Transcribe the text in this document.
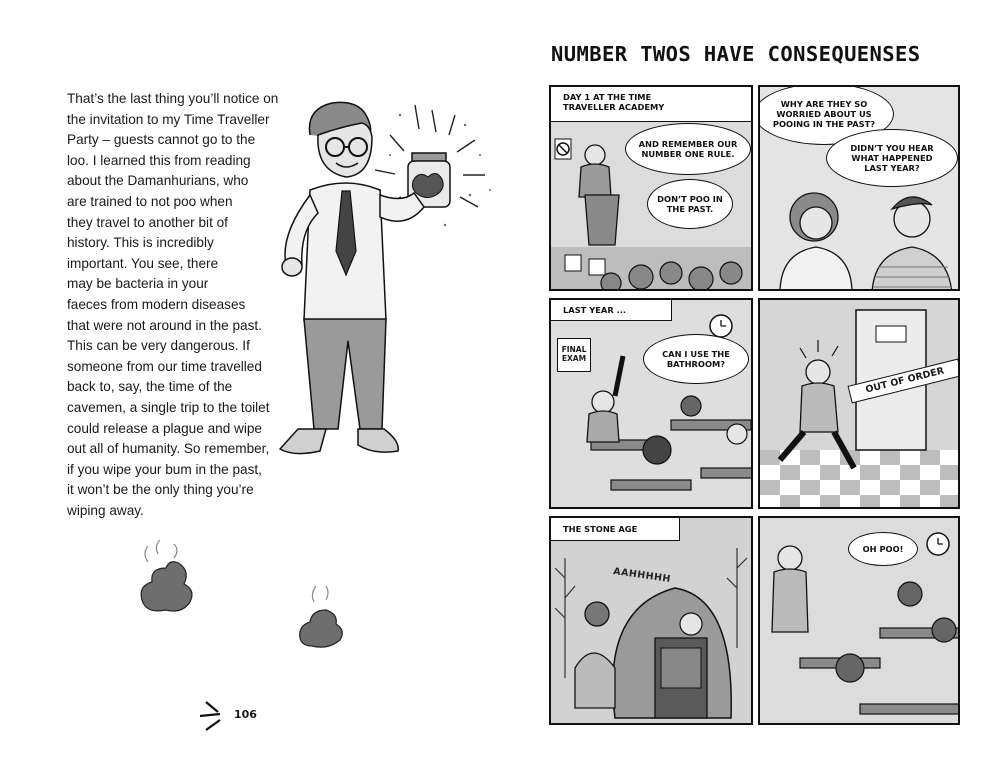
That’s the last thing you’ll notice on
the invitation to my Time Traveller
Party – guests cannot go to the
loo. I learned this from reading
about the Damanhurians, who
are trained to not poo when
they travel to another bit of
history. This is incredibly
important. You see, there
may be bacteria in your
faeces from modern diseases
that were not around in the past.
This can be very dangerous. If
someone from our time travelled
back to, say, the time of the
cavemen, a single trip to the toilet
could release a plague and wipe
out all of humanity. So remember,
if you wipe your bum in the past,
it won’t be the only thing you’re
wiping away.
106
NUMBER TWOS HAVE CONSEQUENSES
DAY 1 AT THE TIME
TRAVELLER ACADEMY
AND REMEMBER OUR
NUMBER ONE RULE.
DON’T POO IN
THE PAST.
WHY ARE THEY SO
WORRIED ABOUT US
POOING IN THE PAST?
DIDN’T YOU HEAR
WHAT HAPPENED
LAST YEAR?
LAST YEAR ...
FINAL
EXAM	CAN I USE THE
BATHROOM?
OUT OF ORDER
THE STONE AGE
AAHHHHH
OH POO!
